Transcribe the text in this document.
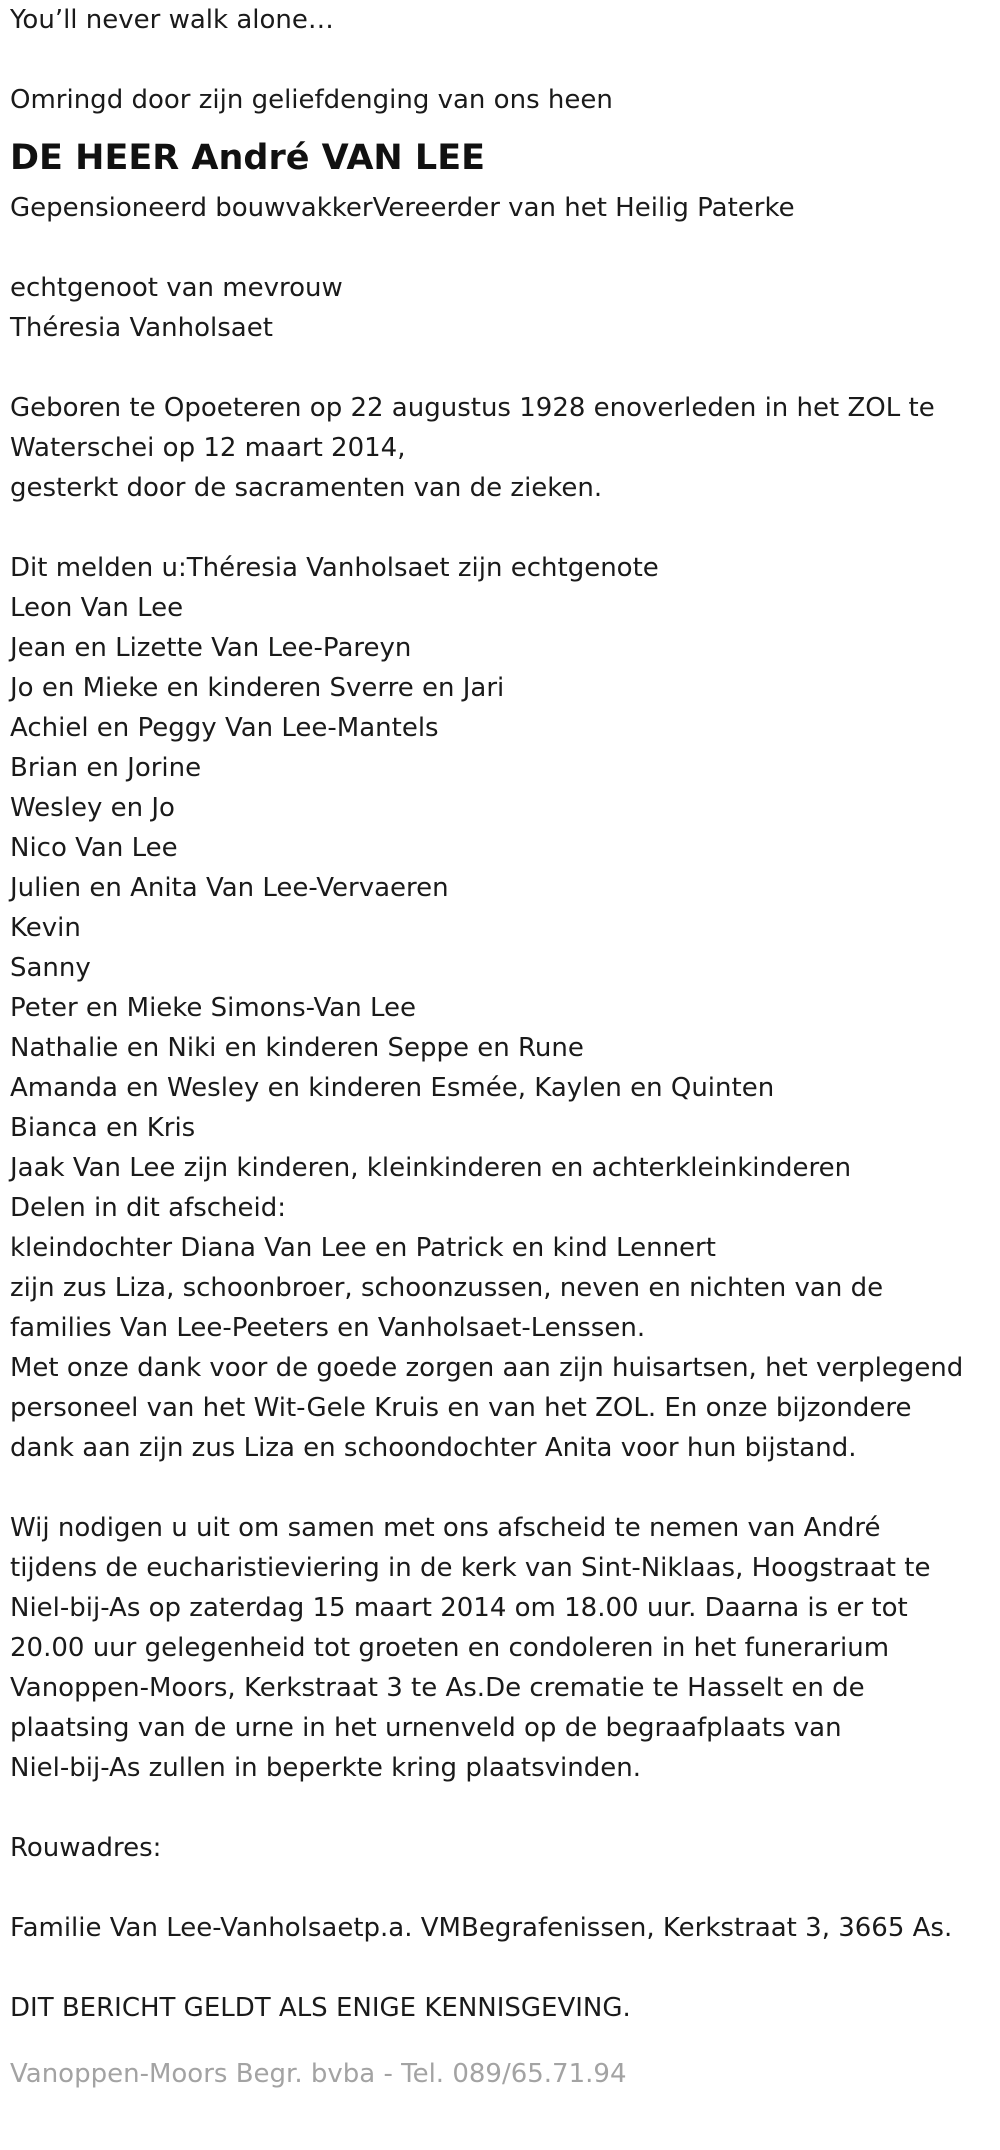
You’ll never walk alone…

Omringd door zijn geliefdenging van ons heen

DE HEER André VAN LEE

Gepensioneerd bouwvakkerVereerder van het Heilig Paterke

echtgenoot van mevrouw

Théresia Vanholsaet

Geboren te Opoeteren op 22 augustus 1928 enoverleden in het ZOL te

Waterschei op 12 maart 2014,

gesterkt door de sacramenten van de zieken.

Dit melden u:Théresia Vanholsaet zijn echtgenote

Leon Van Lee

Jean en Lizette Van Lee-Pareyn

Jo en Mieke en kinderen Sverre en Jari

Achiel en Peggy Van Lee-Mantels

Brian en Jorine

Wesley en Jo

Nico Van Lee

Julien en Anita Van Lee-Vervaeren

Kevin

Sanny

Peter en Mieke Simons-Van Lee

Nathalie en Niki en kinderen Seppe en Rune

Amanda en Wesley en kinderen Esmée, Kaylen en Quinten

Bianca en Kris

Jaak Van Lee zijn kinderen, kleinkinderen en achterkleinkinderen

Delen in dit afscheid:

kleindochter Diana Van Lee en Patrick en kind Lennert

zijn zus Liza, schoonbroer, schoonzussen, neven en nichten van de

families Van Lee-Peeters en Vanholsaet-Lenssen.

Met onze dank voor de goede zorgen aan zijn huisartsen, het verplegend

personeel van het Wit-Gele Kruis en van het ZOL. En onze bijzondere

dank aan zijn zus Liza en schoondochter Anita voor hun bijstand.

Wij nodigen u uit om samen met ons afscheid te nemen van André

tijdens de eucharistieviering in de kerk van Sint-Niklaas, Hoogstraat te

Niel-bij-As op zaterdag 15 maart 2014 om 18.00 uur. Daarna is er tot

20.00 uur gelegenheid tot groeten en condoleren in het funerarium

Vanoppen-Moors, Kerkstraat 3 te As.De crematie te Hasselt en de

plaatsing van de urne in het urnenveld op de begraafplaats van

Niel-bij-As zullen in beperkte kring plaatsvinden.

Rouwadres:

Familie Van Lee-Vanholsaetp.a. VMBegrafenissen, Kerkstraat 3, 3665 As.

DIT BERICHT GELDT ALS ENIGE KENNISGEVING.

Vanoppen-Moors Begr. bvba - Tel. 089/65.71.94
